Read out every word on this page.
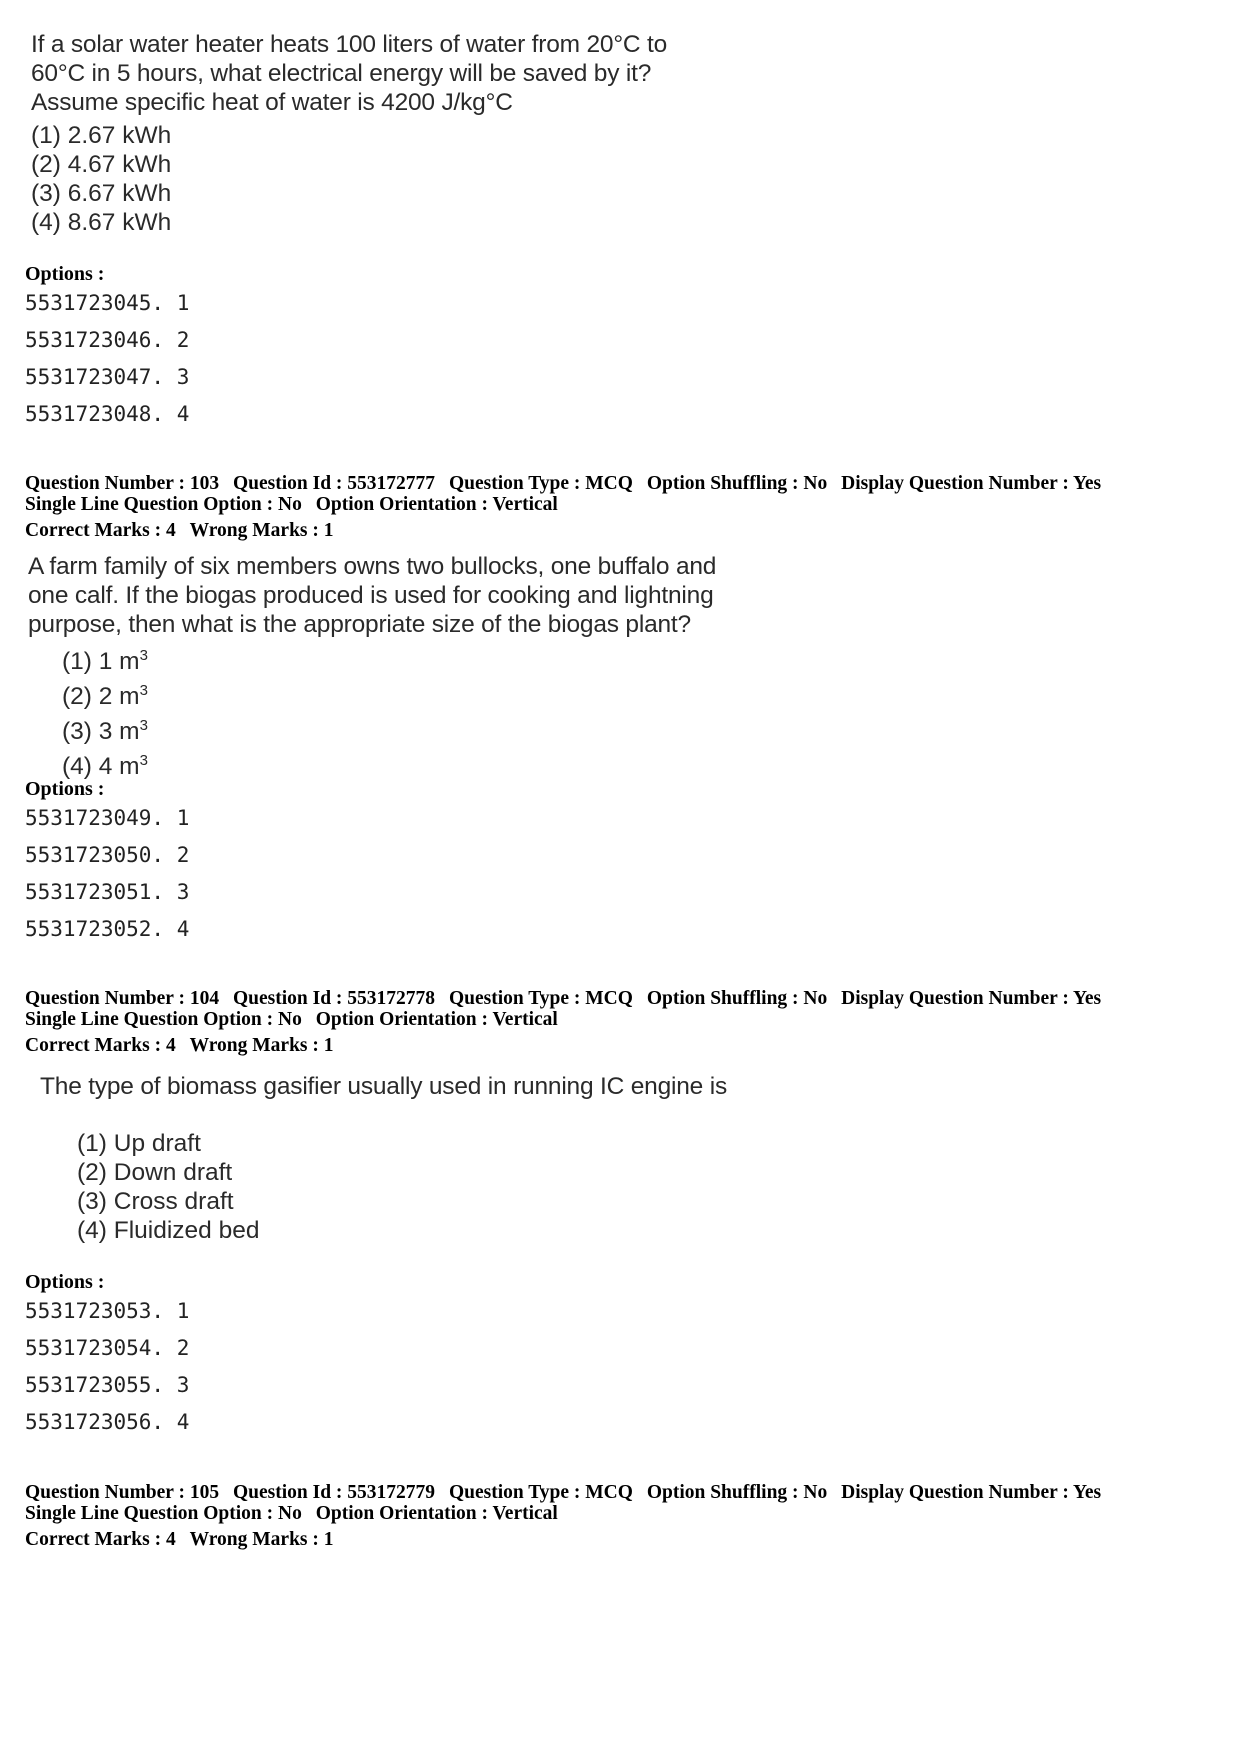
If a solar water heater heats 100 liters of water from 20°C to
60°C in 5 hours, what electrical energy will be saved by it?
Assume specific heat of water is 4200 J/kg°C
(1) 2.67 kWh
(2) 4.67 kWh
(3) 6.67 kWh
(4) 8.67 kWh
Options :
5531723045. 1
5531723046. 2
5531723047. 3
5531723048. 4
Question Number : 103 Question Id : 553172777 Question Type : MCQ Option Shuffling : No Display Question Number : Yes
Single Line Question Option : No Option Orientation : Vertical
Correct Marks : 4 Wrong Marks : 1
A farm family of six members owns two bullocks, one buffalo and
one calf. If the biogas produced is used for cooking and lightning
purpose, then what is the appropriate size of the biogas plant?
(1) 1 $m^3$
(2) 2 $m^3$
(3) 3 $m^3$
(4) 4 $m^3$
Options :
5531723049. 1
5531723050. 2
5531723051. 3
5531723052. 4
Question Number : 104 Question Id : 553172778 Question Type : MCQ Option Shuffling : No Display Question Number : Yes
Single Line Question Option : No Option Orientation : Vertical
Correct Marks : 4 Wrong Marks : 1
The type of biomass gasifier usually used in running IC engine is
(1) Up draft
(2) Down draft
(3) Cross draft
(4) Fluidized bed
Options :
5531723053. 1
5531723054. 2
5531723055. 3
5531723056. 4
Question Number : 105 Question Id : 553172779 Question Type : MCQ Option Shuffling : No Display Question Number : Yes
Single Line Question Option : No Option Orientation : Vertical
Correct Marks : 4 Wrong Marks : 1
